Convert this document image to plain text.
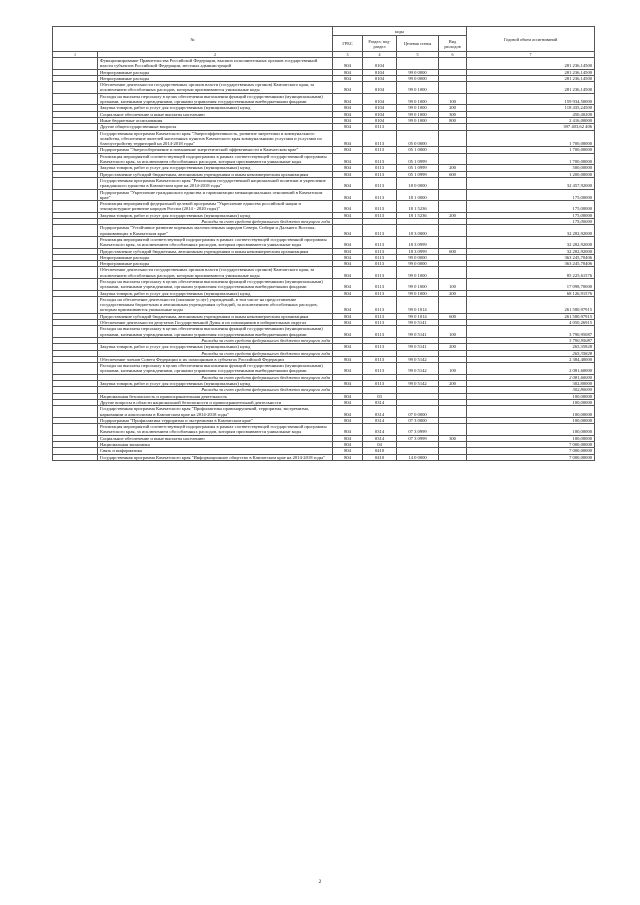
№		коды				Годовой объем ассигнований
		ГРБС	Раздел, под-раздел	Целевая статья	Вид расходов	
1	2	3	4	5	6	7
	Функционирование Правительства Российской Федерации, высших исполнительных органов государственной власти субъектов Российской Федерации, местных администраций	804	0104			281 236,14500
	Непрограммные расходы	804	0104	99 0 0000		281 236,14500
	Непрограммные расходы	804	0104	99 0 0000		281 236,14500
	Обеспечение деятельности государственных органов власти (государственных органов) Камчатского края, за исключением обособленных расходов, которым присваиваются уникальные коды	804	0104	99 0 1000		281 236,14500
	Расходы на выплаты персоналу в целях обеспечения выполнения функций государственными (муниципальными) органами, казенными учреждениями, органами управления государственными внебюджетными фондами	804	0104	99 0 1000	100	159 934,50000
	Закупка товаров, работ и услуг для государственных (муниципальных) нужд	804	0104	99 0 1000	200	118 435,24500
	Социальное обеспечение и иные выплаты населению	804	0104	99 0 1000	300	450,40200
	Иные бюджетные ассигнования	804	0104	99 0 1000	800	2 416,00000
	Другие общегосударственные вопросы	804	0113			397 403,62 406
	Государственная программа Камчатского края "Энергоэффективность, развитие энергетики и коммунального хозяйства, обеспечение жителей населенных пунктов Камчатского края коммунальными услугами и услугами по благоустройству территорий на 2014-2018 годы"	804	0113	05 0 0000		1 700,00000
	Подпрограмма "Энергосбережение и повышение энергетической эффективности в Камчатском крае"	804	0113	05 1 0000		1 700,00000
	Реализация мероприятий соответствующей подпрограммы в рамках соответствующей государственной программы Камчатского края, за исключением обособленных расходов, которым присваиваются уникальные коды	804	0113	05 1 0999		1 700,00000
	Закупка товаров, работ и услуг для государственных (муниципальных) нужд	804	0113	05 1 0999	200	500,00000
	Предоставление субсидий бюджетным, автономным учреждениям и иным некоммерческим организациям	804	0113	05 1 0999	600	1 200,00000
	Государственная программа Камчатского края "Реализация государственной национальной политики и укрепление гражданского единства в Камчатском крае на 2014-2018 годы"	804	0113	18 0 0000		32 457,92000
	Подпрограмма "Укрепление гражданского единства и гармонизации межнациональных отношений в Камчатском крае"	804	0113	18 1 0000		175,00000
	Реализация мероприятий федеральной целевой программы "Укрепление единства российской нации и этнокультурное развитие народов России (2014 - 2020 годы)"	804	0113	18 1 5236		175,00000
	Закупка товаров, работ и услуг для государственных (муниципальных) нужд	804	0113	18 1 5236	200	175,00000
	Расходы за счет средств федерального бюджета текущего года					175,00000
	Подпрограмма "Устойчивое развитие коренных малочисленных народов Севера, Сибири и Дальнего Востока, проживающих в Камчатском крае"	804	0113	18 3 0000		32 282,92000
	Реализация мероприятий соответствующей подпрограммы в рамках соответствующей государственной программы Камчатского края, за исключением обособленных расходов, которым присваиваются уникальные коды	804	0113	18 3 0999		32 282,92000
	Предоставление субсидий бюджетным, автономным учреждениям и иным некоммерческим организациям	804	0113	18 3 0999	600	32 282,92000
	Непрограммные расходы	804	0113	99 0 0000		363 245,70406
	Непрограммные расходы	804	0113	99 0 0000		363 245,70406
	Обеспечение деятельности государственных органов власти (государственных органов) Камчатского края, за исключением обособленных расходов, которым присваиваются уникальные коды	804	0113	99 0 1000		85 225,61576
	Расходы на выплаты персоналу в целях обеспечения выполнения функций государственными (муниципальными) органами, казенными учреждениями, органами управления государственными внебюджетными фондами	804	0113	99 0 1000	100	17 098,70000
	Закупка товаров, работ и услуг для государственных (муниципальных) нужд	804	0113	99 0 1000	200	68 126,91576
	Расходы на обеспечение деятельности (оказание услуг) учреждений, в том числе на предоставление государственным бюджетным и автономным учреждениям субсидий, за исключением обособленных расходов, которым присваиваются уникальные коды	804	0113	99 0 1014		261 580,97915
	Предоставление субсидий бюджетным, автономным учреждениям и иным некоммерческим организациям	804	0113	99 0 1014	600	261 580,97915
	Обеспечение деятельности депутатов Государственной Думы и их помощников в избирательных округах	804	0113	99 0 5141		4 050,26915
	Расходы на выплаты персоналу в целях обеспечения выполнения функций государственными (муниципальными) органами, казенными учреждениями, органами управления государственными внебюджетными фондами	804	0113	99 0 5141	100	3 790,95087
	Расходы за счет средств федерального бюджета текущего года					3 790,95087
	Закупка товаров, работ и услуг для государственных (муниципальных) нужд	804	0113	99 0 5141	200	265,35828
	Расходы за счет средств федерального бюджета текущего года					265,35828
	Обеспечение членов Совета Федерации и их помощников в субъектах Российской Федерации	804	0113	99 0 5142		2 384,40000
	Расходы на выплаты персоналу в целях обеспечения выполнения функций государственными (муниципальными) органами, казенными учреждениями, органами управления государственными внебюджетными фондами	804	0113	99 0 5142	100	2 081,60000
	Расходы за счет средств федерального бюджета текущего года					2 081,60000
	Закупка товаров, работ и услуг для государственных (муниципальных) нужд	804	0113	99 0 5142	200	302,80000
	Расходы за счет средств федерального бюджета текущего года					302,80000
	Национальная безопасность и правоохранительная деятельность	804	03			100,00000
	Другие вопросы в области национальной безопасности и правоохранительной деятельности	804	0314			100,00000
	Государственная программа Камчатского края "Профилактика правонарушений, терроризма, экстремизма, наркомании и алкоголизма в Камчатском крае на 2014-2018 годы"	804	0314	07 0 0000		100,00000
	Подпрограмма "Профилактика терроризма и экстремизма в Камчатском крае"	804	0314	07 3 0000		100,00000
	Реализация мероприятий соответствующей подпрограммы в рамках соответствующей государственной программы Камчатского края, за исключением обособленных расходов, которым присваиваются уникальные коды	804	0314	07 3 0999		100,00000
	Социальное обеспечение и иные выплаты населению	804	0314	07 3 0999	300	100,00000
	Национальная экономика	804	04			7 000,00000
	Связь и информатика	804	0410			7 000,00000
	Государственная программа Камчатского края "Информационное общество в Камчатском крае на 2014-2018 годы"	804	0410	14 0 0000		7 000,00000
2
